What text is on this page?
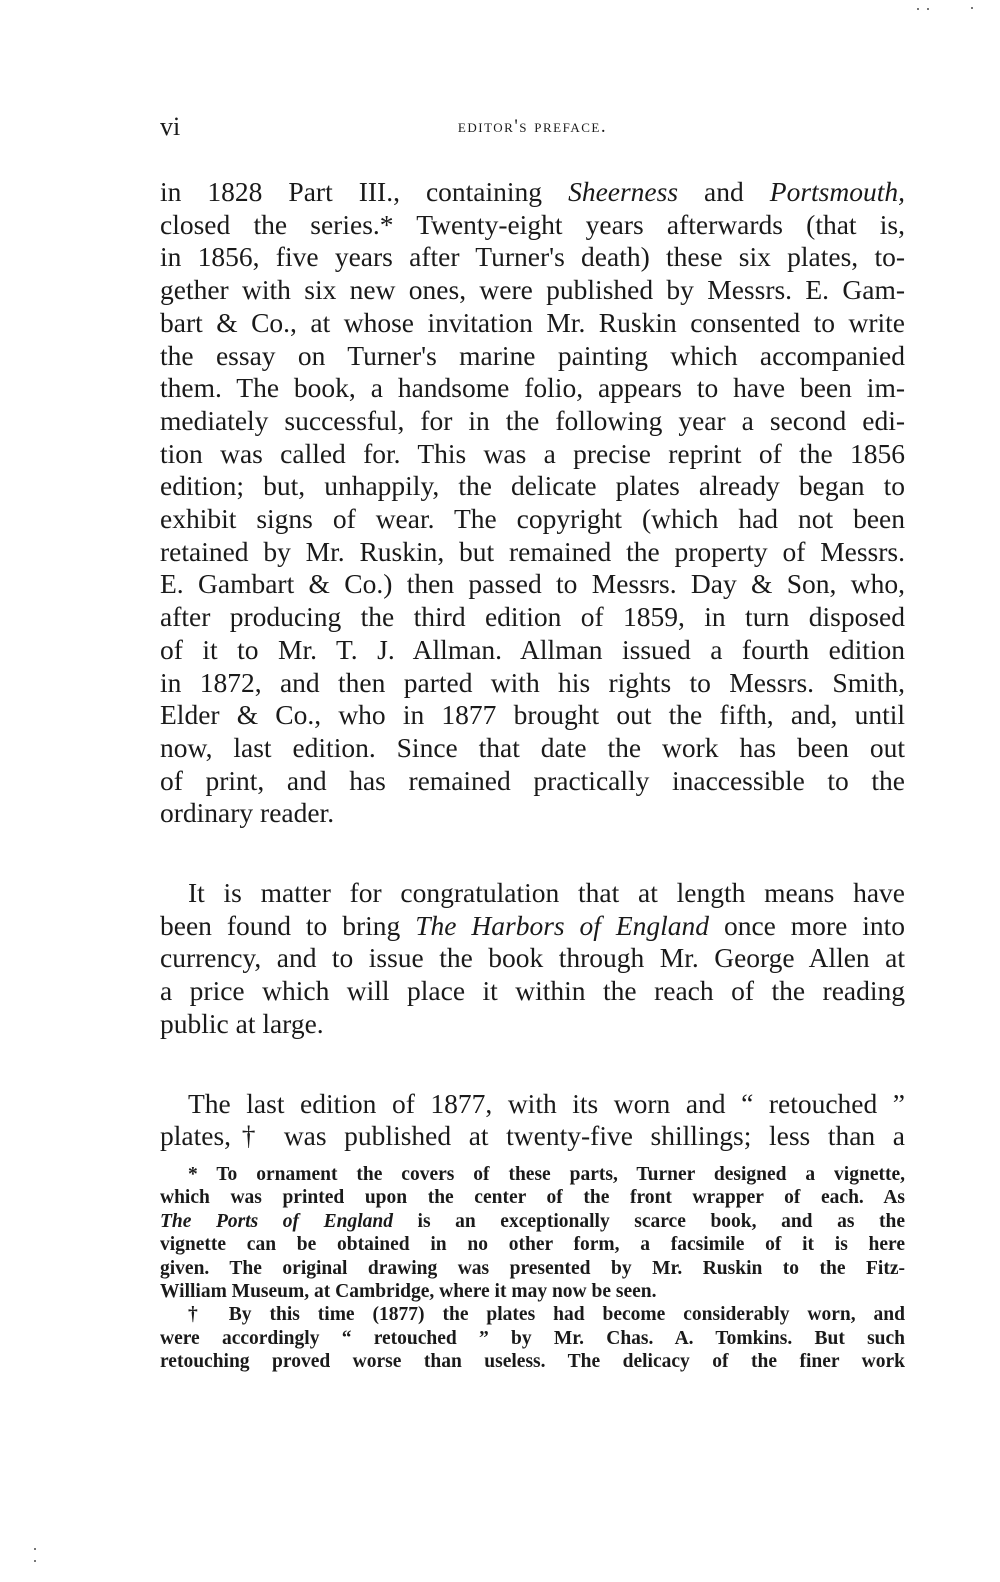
vi	editor's preface.
in 1828 Part III., containing Sheerness and Portsmouth,
closed the series.* Twenty-eight years afterwards (that is,
in 1856, five years after Turner's death) these six plates, to-
gether with six new ones, were published by Messrs. E. Gam-
bart & Co., at whose invitation Mr. Ruskin consented to write
the essay on Turner's marine painting which accompanied
them. The book, a handsome folio, appears to have been im-
mediately successful, for in the following year a second edi-
tion was called for. This was a precise reprint of the 1856
edition; but, unhappily, the delicate plates already began to
exhibit signs of wear. The copyright (which had not been
retained by Mr. Ruskin, but remained the property of Messrs.
E. Gambart & Co.) then passed to Messrs. Day & Son, who,
after producing the third edition of 1859, in turn disposed
of it to Mr. T. J. Allman. Allman issued a fourth edition
in 1872, and then parted with his rights to Messrs. Smith,
Elder & Co., who in 1877 brought out the fifth, and, until
now, last edition. Since that date the work has been out
of print, and has remained practically inaccessible to the
ordinary reader.
It is matter for congratulation that at length means have
been found to bring The Harbors of England once more into
currency, and to issue the book through Mr. George Allen at
a price which will place it within the reach of the reading
public at large.
The last edition of 1877, with its worn and “ retouched ”
plates,† was published at twenty-five shillings; less than a
* To ornament the covers of these parts, Turner designed a vignette,
which was printed upon the center of the front wrapper of each. As
The Ports of England is an exceptionally scarce book, and as the
vignette can be obtained in no other form, a facsimile of it is here
given. The original drawing was presented by Mr. Ruskin to the Fitz-
William Museum, at Cambridge, where it may now be seen.
† By this time (1877) the plates had become considerably worn, and
were accordingly “ retouched ” by Mr. Chas. A. Tomkins. But such
retouching proved worse than useless. The delicacy of the finer work
